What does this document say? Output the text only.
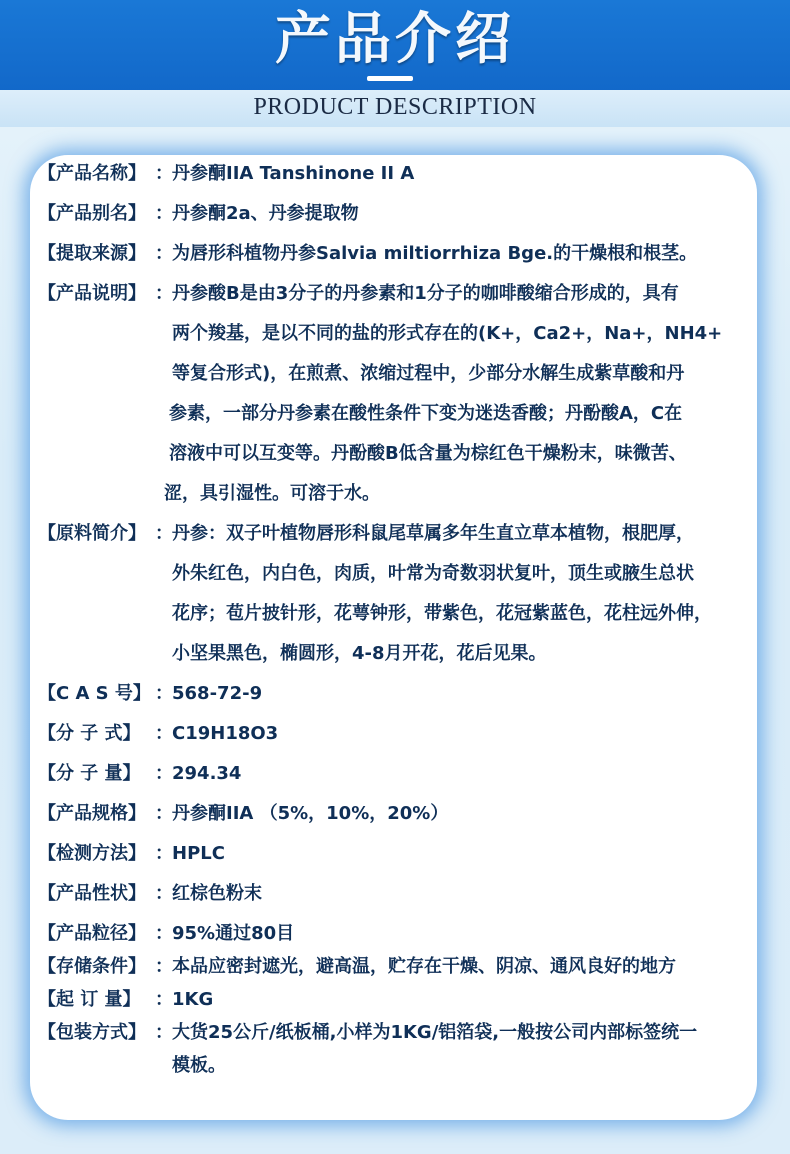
产品介绍
PRODUCT DESCRIPTION
【产品名称】 ： 丹参酮IIA Tanshinone II A
【产品别名】 ： 丹参酮2a、丹参提取物
【提取来源】 ： 为唇形科植物丹参Salvia miltiorrhiza Bge.的干燥根和根茎。
【产品说明】 ： 丹参酸B是由3分子的丹参素和1分子的咖啡酸缩合形成的，具有
两个羧基，是以不同的盐的形式存在的(K+，Ca2+，Na+，NH4+
等复合形式)，在煎煮、浓缩过程中，少部分水解生成紫草酸和丹
参素，一部分丹参素在酸性条件下变为迷迭香酸；丹酚酸A，C在
溶液中可以互变等。丹酚酸B低含量为棕红色干燥粉末，味微苦、
涩，具引湿性。可溶于水。
【原料简介】 ： 丹参：双子叶植物唇形科鼠尾草属多年生直立草本植物，根肥厚，
外朱红色，内白色，肉质，叶常为奇数羽状复叶，顶生或腋生总状
花序；苞片披针形，花萼钟形，带紫色，花冠紫蓝色，花柱远外伸，
小坚果黑色，椭圆形，4-8月开花，花后见果。
【C A S 号】 ： 568-72-9
【分 子 式】 ： C19H18O3
【分 子 量】 ： 294.34
【产品规格】 ： 丹参酮IIA （5%，10%，20%）
【检测方法】 ： HPLC
【产品性状】 ： 红棕色粉末
【产品粒径】 ： 95%通过80目
【存储条件】 ： 本品应密封遮光，避高温，贮存在干燥、阴凉、通风良好的地方
【起 订 量】 ： 1KG
【包装方式】 ： 大货25公斤/纸板桶,小样为1KG/铝箔袋,一般按公司内部标签统一
模板。
